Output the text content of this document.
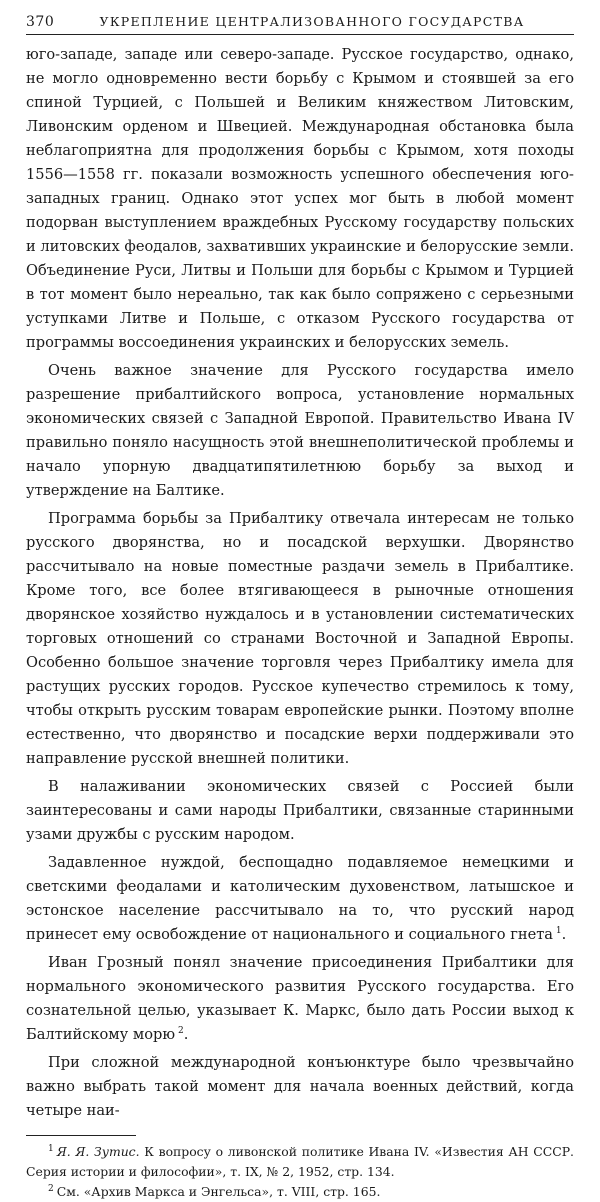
370	УКРЕПЛЕНИЕ ЦЕНТРАЛИЗОВАННОГО ГОСУДАРСТВА

юго-западе, западе или северо-западе. Русское государство, однако, не могло одновременно вести борьбу с Крымом и стоявшей за его спиной Турцией, с Польшей и Великим княжеством Литовским, Ливонским орденом и Швецией. Международная обстановка была неблагоприятна для продолжения борьбы с Крымом, хотя походы 1556—1558 гг. показали возможность успешного обеспечения юго-западных границ. Однако этот успех мог быть в любой момент подорван выступлением враждебных Русскому государству польских и литовских феодалов, захвативших украинские и белорусские земли. Объединение Руси, Литвы и Польши для борьбы с Крымом и Турцией в тот момент было нереально, так как было сопряжено с серьезными уступками Литве и Польше, с отказом Русского государства от программы воссоединения украинских и белорусских земель.

Очень важное значение для Русского государства имело разрешение прибалтийского вопроса, установление нормальных экономических связей с Западной Европой. Правительство Ивана IV правильно поняло насущность этой внешнеполитической проблемы и начало упорную двадцатипятилетнюю борьбу за выход и утверждение на Балтике.

Программа борьбы за Прибалтику отвечала интересам не только русского дворянства, но и посадской верхушки. Дворянство рассчитывало на новые поместные раздачи земель в Прибалтике. Кроме того, все более втягивающееся в рыночные отношения дворянское хозяйство нуждалось и в установлении систематических торговых отношений со странами Восточной и Западной Европы. Особенно большое значение торговля через Прибалтику имела для растущих русских городов. Русское купечество стремилось к тому, чтобы открыть русским товарам европейские рынки. Поэтому вполне естественно, что дворянство и посадские верхи поддерживали это направление русской внешней политики.

В налаживании экономических связей с Россией были заинтересованы и сами народы Прибалтики, связанные старинными узами дружбы с русским народом.

Задавленное нуждой, беспощадно подавляемое немецкими и светскими феодалами и католическим духовенством, латышское и эстонское население рассчитывало на то, что русский народ принесет ему освобождение от национального и социального гнета  $^1$.

Иван Грозный понял значение присоединения Прибалтики для нормального экономического развития Русского государства. Его сознательной целью, указывает К. Маркс, было дать России выход к Балтийскому морю  $^2$.

При сложной международной конъюнктуре было чрезвычайно важно выбрать такой момент для начала военных действий, когда четыре наи-

$^1$ Я. Я. Зутис. К вопросу о ливонской политике Ивана IV. «Известия АН СССР. Серия истории и философии», т. IX, № 2, 1952, стр. 134.

$^2$ См. «Архив Маркса и Энгельса», т. VIII, стр. 165.
